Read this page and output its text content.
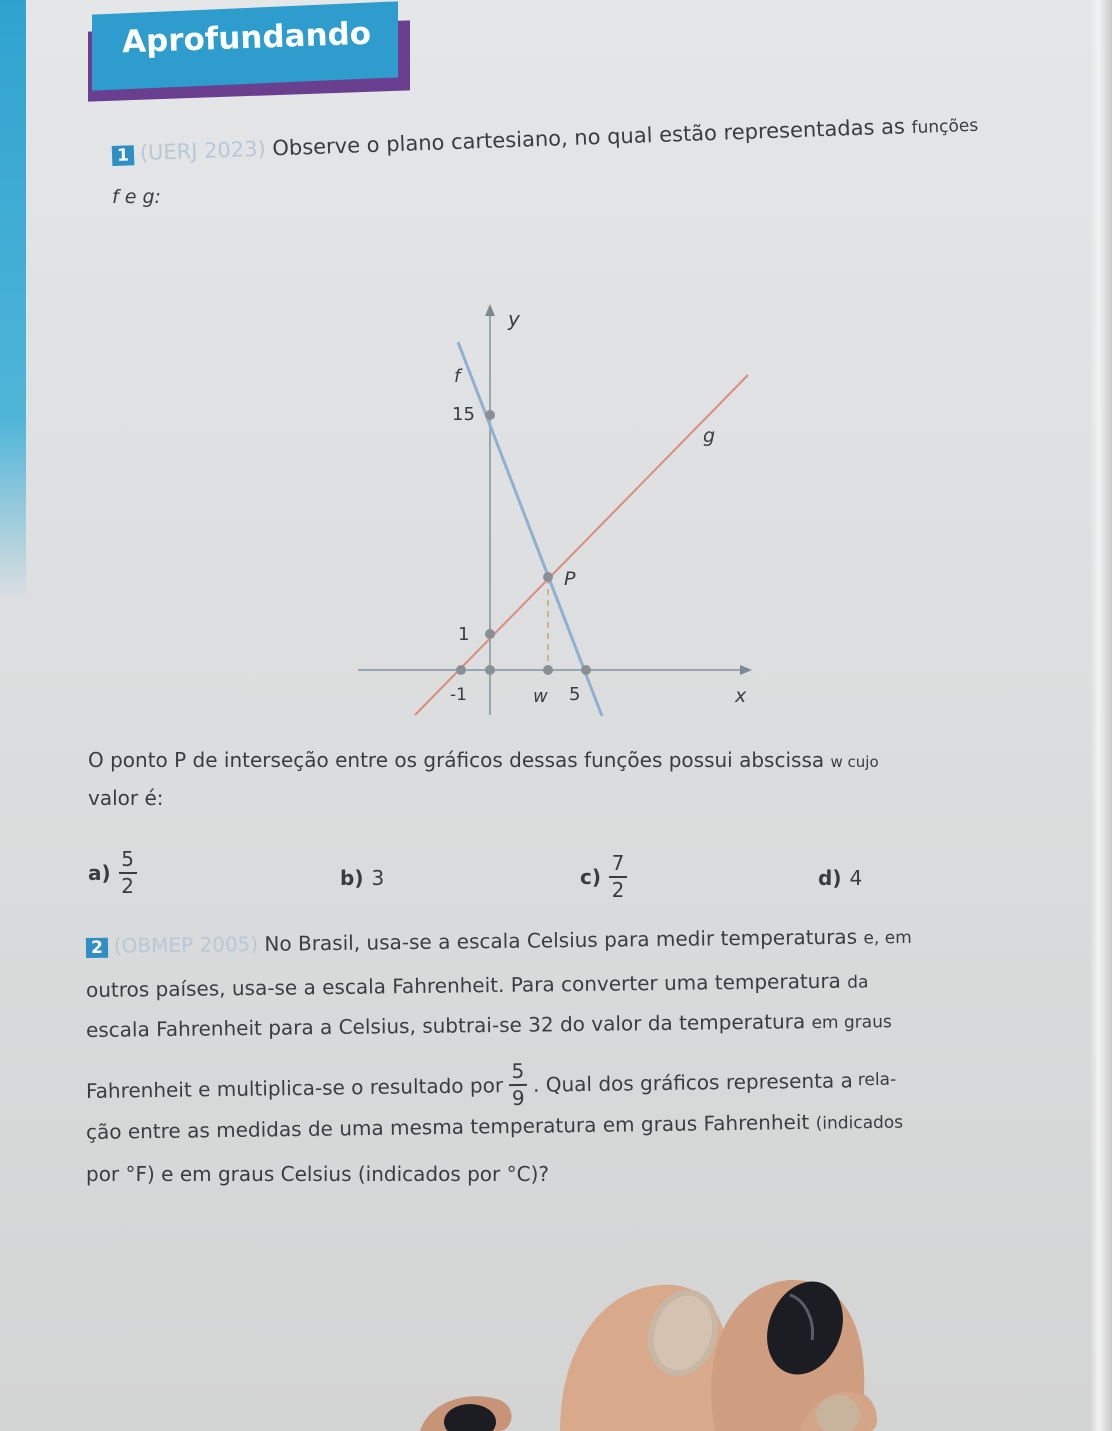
Aprofundando
1 (UERJ 2023) Observe o plano cartesiano, no qual estão representadas as funções
f e g:
y
x
f
g
P
15
1
-1	w 5
O ponto P de interseção entre os gráficos dessas funções possui abscissa w cujo
valor é:
$a) \frac{5}{2}$	b) 3	$c) \frac{7}{2}$	d) 4
2 (OBMEP 2005) No Brasil, usa-se a escala Celsius para medir temperaturas e, em
outros países, usa-se a escala Fahrenheit. Para converter uma temperatura da
escala Fahrenheit para a Celsius, subtrai-se 32 do valor da temperatura em graus
Fahrenheit e multiplica-se o resultado por $\frac{5}{9}$ . Qual dos gráficos representa a rela-
ção entre as medidas de uma mesma temperatura em graus Fahrenheit (indicados
por °F) e em graus Celsius (indicados por °C)?
